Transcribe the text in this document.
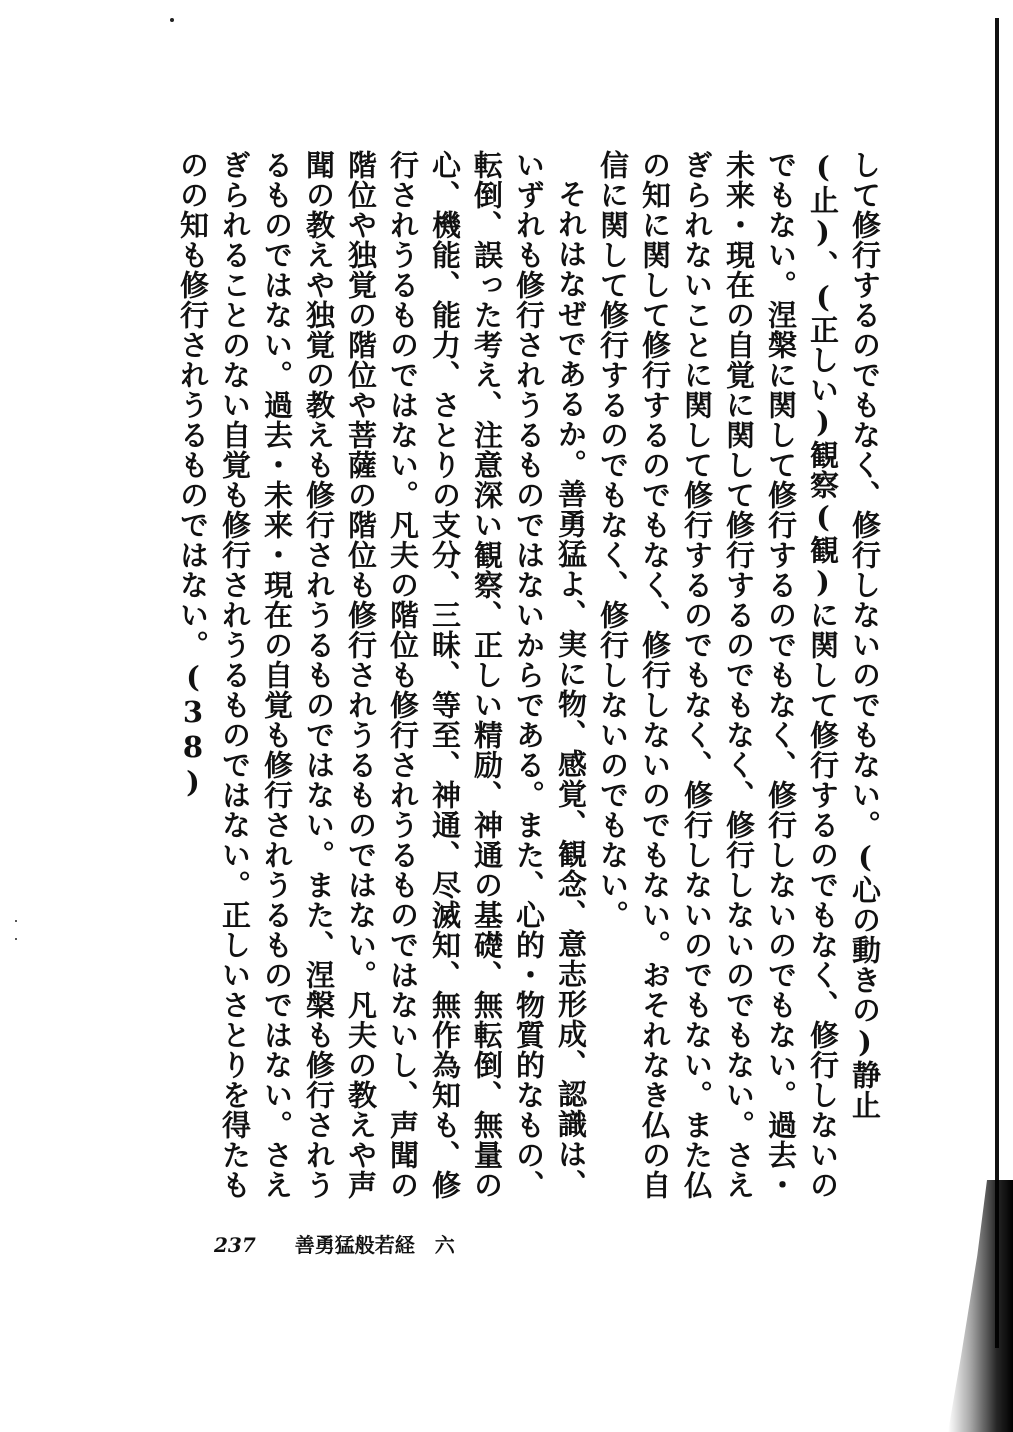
して修行するのでもなく、修行しないのでもない。(心の動きの)静止(止)、(正しい)観察(観)に関して修行するのでもなく、修行しないのでもない。涅槃に関して修行するのでもなく、修行しないのでもない。過去・未来・現在の自覚に関して修行するのでもなく、修行しないのでもない。さえぎられないことに関して修行するのでもなく、修行しないのでもない。また仏の知に関して修行するのでもなく、修行しないのでもない。おそれなき仏の自信に関して修行するのでもなく、修行しないのでもない。

それはなぜであるか。善勇猛よ、実に物、感覚、観念、意志形成、認識は、いずれも修行されうるものではないからである。また、心的・物質的なもの、転倒、誤った考え、注意深い観察、正しい精励、神通の基礎、無転倒、無量の心、機能、能力、さとりの支分、三昧、等至、神通、尽滅知、無作為知も、修行されうるものではない。凡夫の階位も修行されうるものではないし、声聞の階位や独覚の階位や菩薩の階位も修行されうるものではない。凡夫の教えや声聞の教えや独覚の教えも修行されうるものではない。また、涅槃も修行されうるものではない。過去・未来・現在の自覚も修行されうるものではない。さえぎられることのない自覚も修行されうるものではない。正しいさとりを得たものの知も修行されうるものではない。(38)

237 善勇猛般若経　六
